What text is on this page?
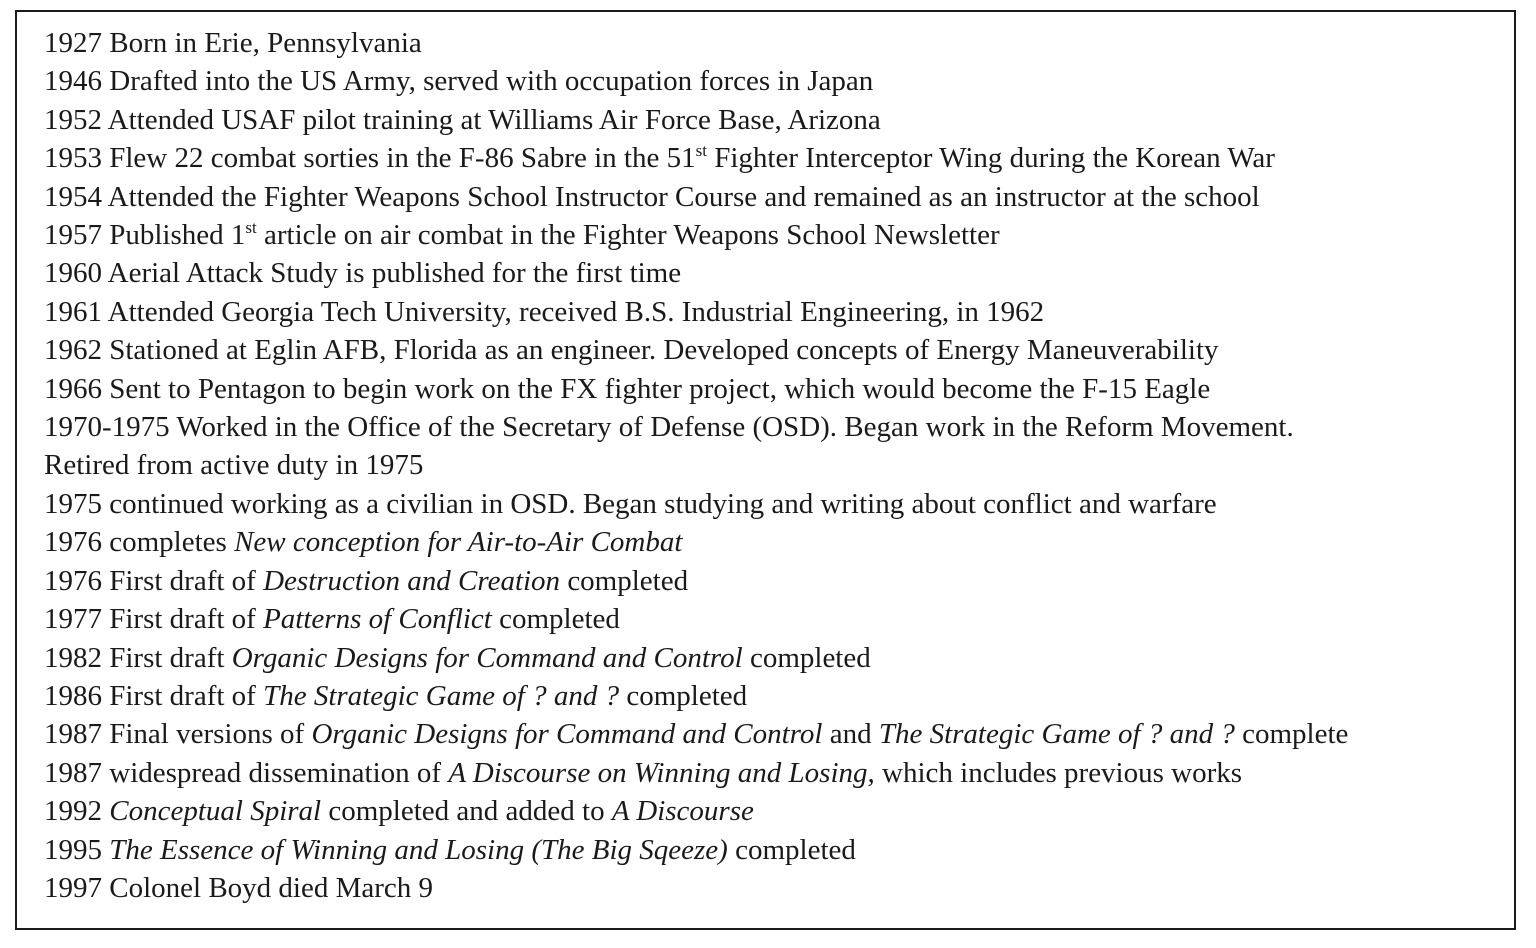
1927 Born in Erie, Pennsylvania
1946 Drafted into the US Army, served with occupation forces in Japan
1952 Attended USAF pilot training at Williams Air Force Base, Arizona
1953 Flew 22 combat sorties in the F-86 Sabre in the 51st Fighter Interceptor Wing during the Korean War
1954 Attended the Fighter Weapons School Instructor Course and remained as an instructor at the school
1957 Published 1st article on air combat in the Fighter Weapons School Newsletter
1960 Aerial Attack Study is published for the first time
1961 Attended Georgia Tech University, received B.S. Industrial Engineering, in 1962
1962 Stationed at Eglin AFB, Florida as an engineer. Developed concepts of Energy Maneuverability
1966 Sent to Pentagon to begin work on the FX fighter project, which would become the F-15 Eagle
1970-1975 Worked in the Office of the Secretary of Defense (OSD). Began work in the Reform Movement.
Retired from active duty in 1975
1975 continued working as a civilian in OSD. Began studying and writing about conflict and warfare
1976 completes New conception for Air-to-Air Combat
1976 First draft of Destruction and Creation completed
1977 First draft of Patterns of Conflict completed
1982 First draft Organic Designs for Command and Control completed
1986 First draft of The Strategic Game of ? and ? completed
1987 Final versions of Organic Designs for Command and Control and The Strategic Game of ? and ? complete
1987 widespread dissemination of A Discourse on Winning and Losing, which includes previous works
1992 Conceptual Spiral completed and added to A Discourse
1995 The Essence of Winning and Losing (The Big Sqeeze) completed
1997 Colonel Boyd died March 9
